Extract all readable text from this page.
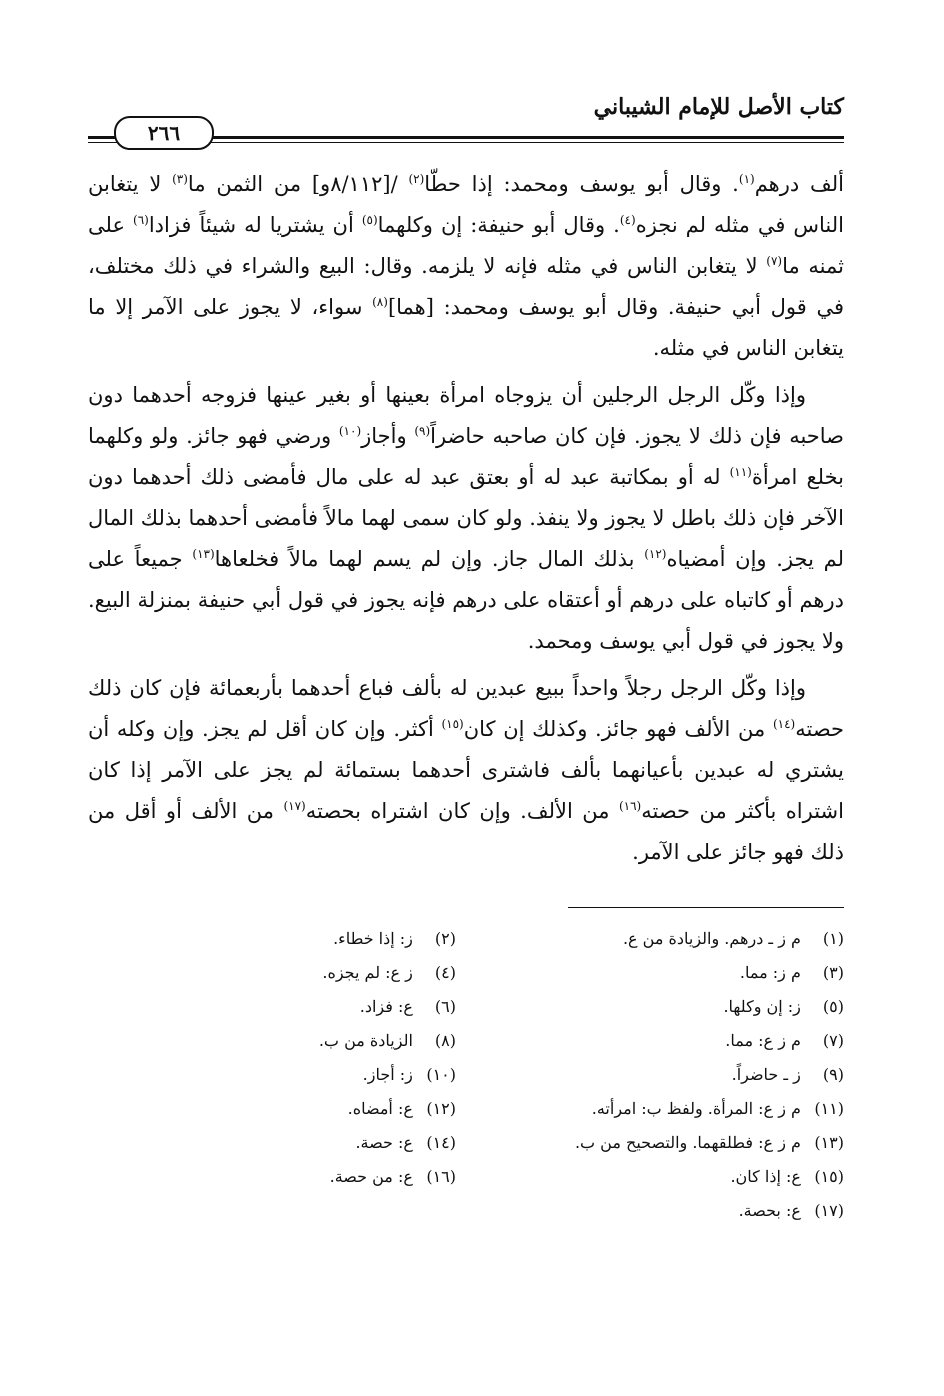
كتاب الأصل للإمام الشيباني
٢٦٦

ألف درهم$^{(١)}$. وقال أبو يوسف ومحمد: إذا حطّا$^{(٢)}$ /[٨/١١٢و] من الثمن ما$^{(٣)}$ لا يتغابن الناس في مثله لم نجزه$^{(٤)}$. وقال أبو حنيفة: إن وكلهما$^{(٥)}$ أن يشتريا له شيئاً فزادا$^{(٦)}$ على ثمنه ما$^{(٧)}$ لا يتغابن الناس في مثله فإنه لا يلزمه. وقال: البيع والشراء في ذلك مختلف، في قول أبي حنيفة. وقال أبو يوسف ومحمد: [هما]$^{(٨)}$ سواء، لا يجوز على الآمر إلا ما يتغابن الناس في مثله.

وإذا وكّل الرجل الرجلين أن يزوجاه امرأة بعينها أو بغير عينها فزوجه أحدهما دون صاحبه فإن ذلك لا يجوز. فإن كان صاحبه حاضراً$^{(٩)}$ وأجاز$^{(١٠)}$ ورضي فهو جائز. ولو وكلهما بخلع امرأة$^{(١١)}$ له أو بمكاتبة عبد له أو بعتق عبد له على مال فأمضى ذلك أحدهما دون الآخر فإن ذلك باطل لا يجوز ولا ينفذ. ولو كان سمى لهما مالاً فأمضى أحدهما بذلك المال لم يجز. وإن أمضياه$^{(١٢)}$ بذلك المال جاز. وإن لم يسم لهما مالاً فخلعاها$^{(١٣)}$ جميعاً على درهم أو كاتباه على درهم أو أعتقاه على درهم فإنه يجوز في قول أبي حنيفة بمنزلة البيع. ولا يجوز في قول أبي يوسف ومحمد.

وإذا وكّل الرجل رجلاً واحداً ببيع عبدين له بألف فباع أحدهما بأربعمائة فإن كان ذلك حصته$^{(١٤)}$ من الألف فهو جائز. وكذلك إن كان$^{(١٥)}$ أكثر. وإن كان أقل لم يجز. وإن وكله أن يشتري له عبدين بأعيانهما بألف فاشترى أحدهما بستمائة لم يجز على الآمر إذا كان اشتراه بأكثر من حصته$^{(١٦)}$ من الألف. وإن كان اشتراه بحصته$^{(١٧)}$ من الألف أو أقل من ذلك فهو جائز على الآمر.

(١) م ز ـ درهم. والزيادة من ع.
(٢) ز: إذا خطاء.
(٣) م ز: مما.
(٤) ز ع: لم يجزه.
(٥) ز: إن وكلها.
(٦) ع: فزاد.
(٧) م ز ع: مما.
(٨) الزيادة من ب.
(٩) ز ـ حاضراً.
(١٠) ز: أجاز.
(١١) م ز ع: المرأة. ولفظ ب: امرأته.
(١٢) ع: أمضاه.
(١٣) م ز ع: فطلقهما. والتصحيح من ب.
(١٤) ع: حصة.
(١٥) ع: إذا كان.
(١٦) ع: من حصة.
(١٧) ع: بحصة.
